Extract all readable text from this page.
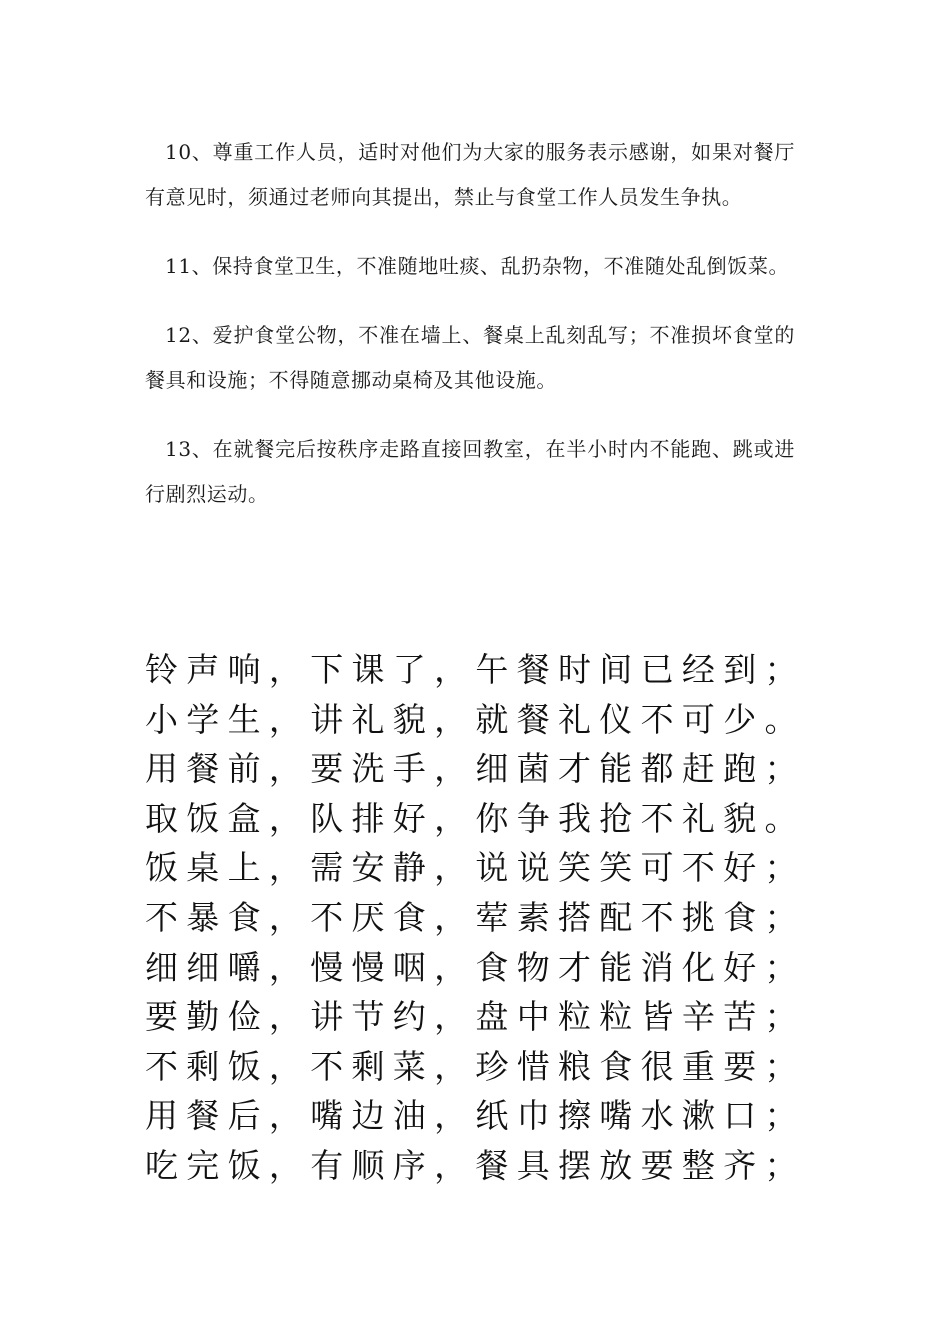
10、尊重工作人员，适时对他们为大家的服务表示感谢，如果对餐厅有意见时，须通过老师向其提出，禁止与食堂工作人员发生争执。

11、保持食堂卫生，不准随地吐痰、乱扔杂物，不准随处乱倒饭菜。

12、爱护食堂公物，不准在墙上、餐桌上乱刻乱写；不准损坏食堂的餐具和设施；不得随意挪动桌椅及其他设施。

13、在就餐完后按秩序走路直接回教室，在半小时内不能跑、跳或进行剧烈运动。

铃声响，下课了，午餐时间已经到；

小学生，讲礼貌，就餐礼仪不可少。

用餐前，要洗手，细菌才能都赶跑；

取饭盒，队排好，你争我抢不礼貌。

饭桌上，需安静，说说笑笑可不好；

不暴食，不厌食，荤素搭配不挑食；

细细嚼，慢慢咽，食物才能消化好；

要勤俭，讲节约，盘中粒粒皆辛苦；

不剩饭，不剩菜，珍惜粮食很重要；

用餐后，嘴边油，纸巾擦嘴水漱口；

吃完饭，有顺序，餐具摆放要整齐；
